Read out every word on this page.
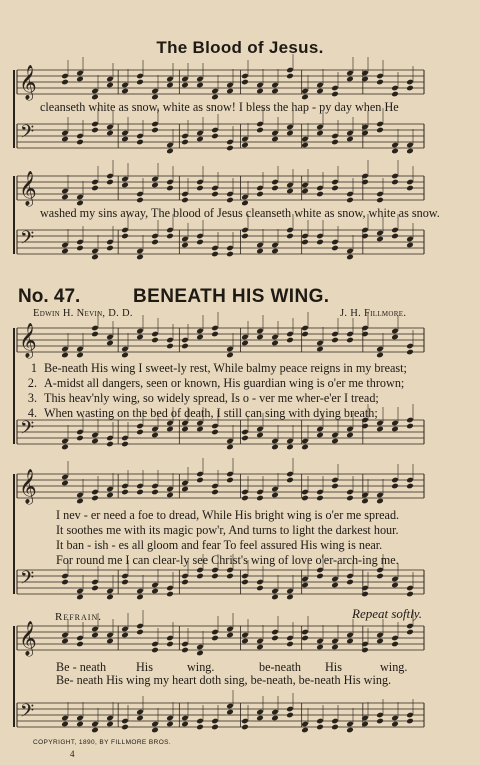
𝄞
𝄢
𝄞
𝄢
𝄞
𝄢
𝄞
𝄢
𝄞
𝄢
The Blood of Jesus.
cleanseth white as snow, white as snow! I bless the hap - py day when He
washed my sins away, The blood of Jesus cleanseth white as snow, white as snow.
No. 47.	BENEATH HIS WING.
Edwin H. Nevin, D. D.	J. H. Fillmore.
1 Be-neath His wing I sweet-ly rest, While balmy peace reigns in my breast;
2. A-midst all dangers, seen or known, His guardian wing is o'er me thrown;
3. This heav'nly wing, so widely spread, Is o - ver me wher-e'er I tread;
4. When wasting on the bed of death, I still can sing with dying breath;
I nev - er need a foe to dread, While His bright wing is o'er me spread.
It soothes me with its magic pow'r, And turns to light the darkest hour.
It ban - ish - es all gloom and fear To feel assured His wing is near.
For round me I can clear-ly see Christ's wing of love o'er-arch-ing me.
Refrain.	Repeat softly.
Be - neath His	wing.	be-neath His	wing.
Be- neath His wing my heart doth sing, be-neath, be-neath His wing.
COPYRIGHT, 1890, BY FILLMORE BROS.
4
